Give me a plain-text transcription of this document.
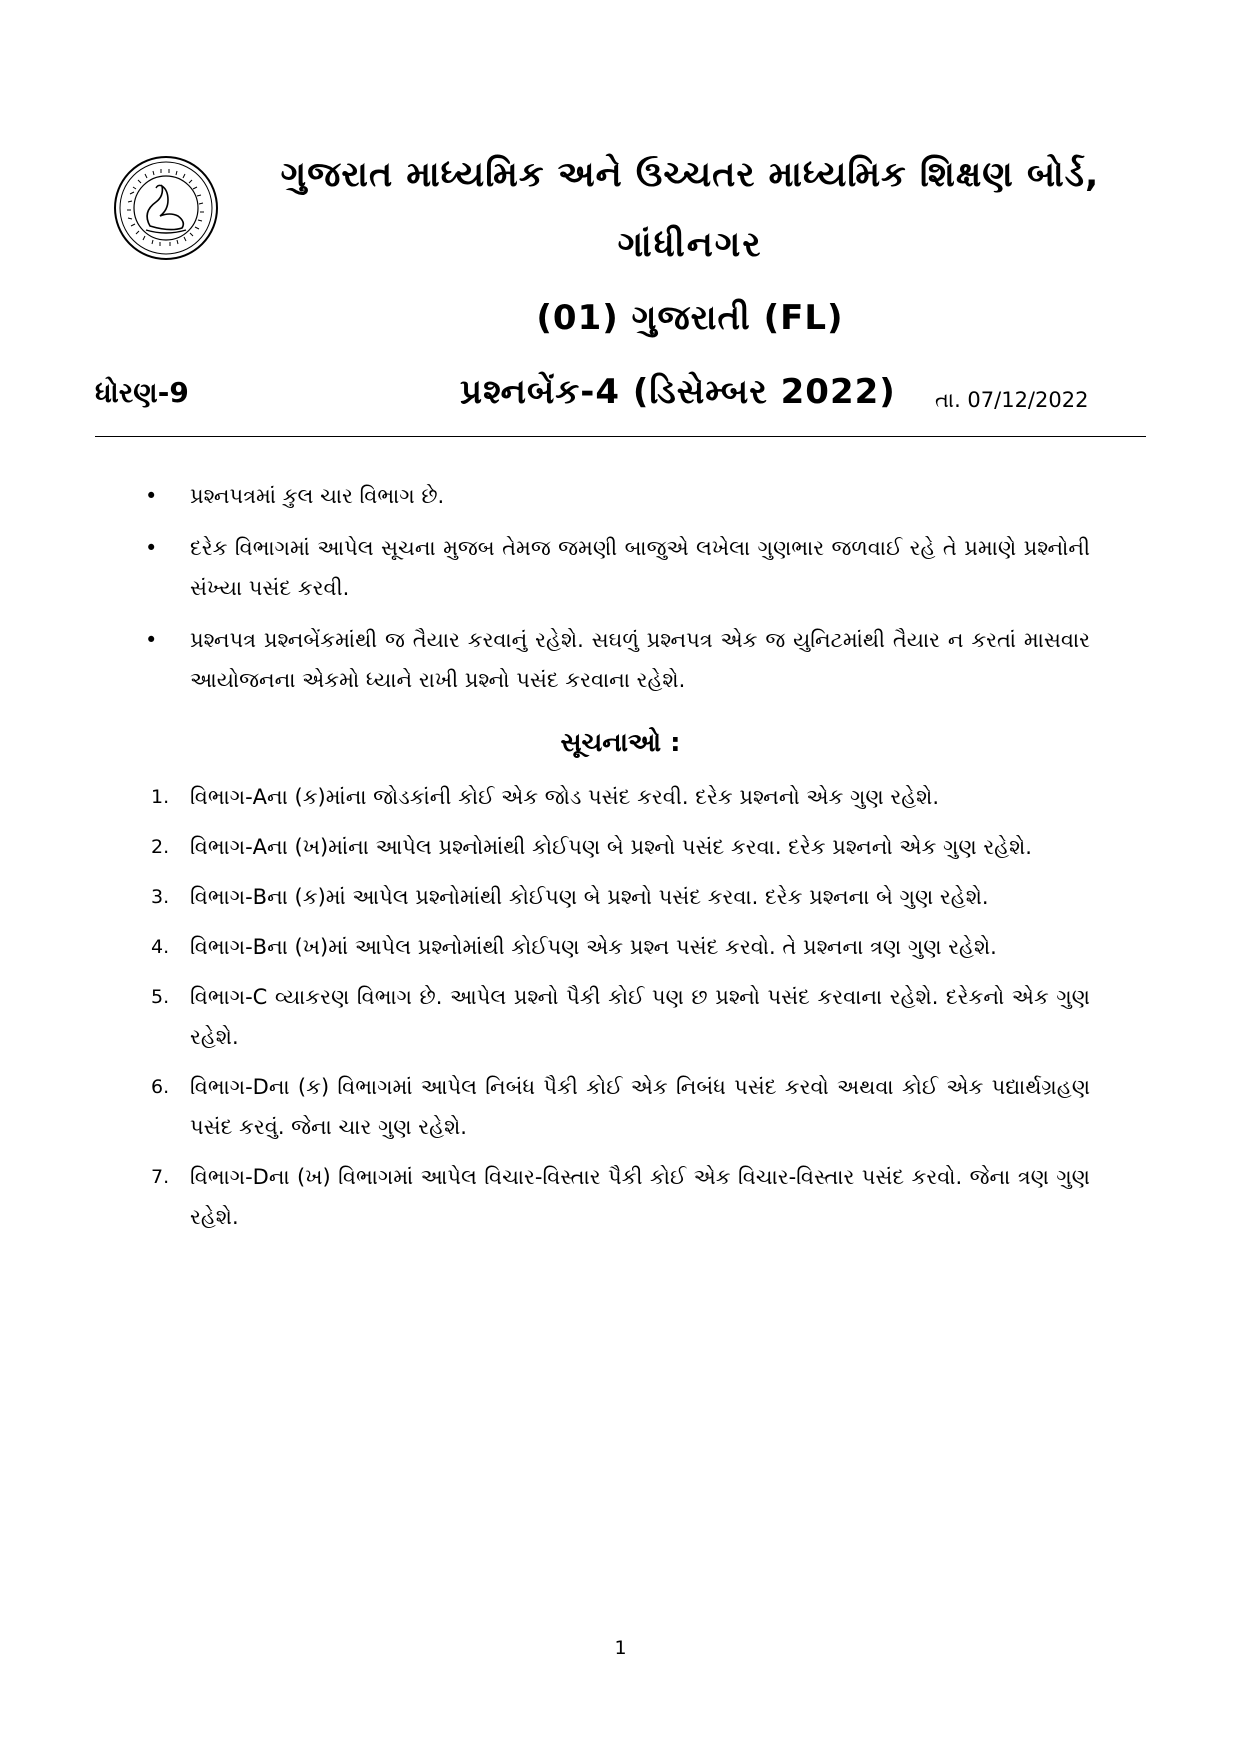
ગુજરાત માધ્યમિક અને ઉચ્ચતર માધ્યમિક શિક્ષણ બોર્ડ,
ગાંધીનગર
(01) ગુજરાતી (FL)
ધોરણ-9	પ્રશ્નબેંક-4 (ડિસેમ્બર 2022) તા. 07/12/2022
• પ્રશ્નપત્રમાં કુલ ચાર વિભાગ છે.
• દરેક વિભાગમાં આપેલ સૂચના મુજબ તેમજ જમણી બાજુએ લખેલા ગુણભાર જળવાઈ રહે તે પ્રમાણે પ્રશ્નોની સંખ્યા પસંદ કરવી.
• પ્રશ્નપત્ર પ્રશ્નબેંકમાંથી જ તૈયાર કરવાનું રહેશે. સઘળું પ્રશ્નપત્ર એક જ યુનિટમાંથી તૈયાર ન કરતાં માસવાર આયોજનના એકમો ધ્યાને રાખી પ્રશ્નો પસંદ કરવાના રહેશે.
સૂચનાઓ :
1. વિભાગ-Aના (ક)માંના જોડકાંની કોઈ એક જોડ પસંદ કરવી. દરેક પ્રશ્નનો એક ગુણ રહેશે.
2. વિભાગ-Aના (ખ)માંના આપેલ પ્રશ્નોમાંથી કોઈપણ બે પ્રશ્નો પસંદ કરવા. દરેક પ્રશ્નનો એક ગુણ રહેશે.
3. વિભાગ-Bના (ક)માં આપેલ પ્રશ્નોમાંથી કોઈપણ બે પ્રશ્નો પસંદ કરવા. દરેક પ્રશ્નના બે ગુણ રહેશે.
4. વિભાગ-Bના (ખ)માં આપેલ પ્રશ્નોમાંથી કોઈપણ એક પ્રશ્ન પસંદ કરવો. તે પ્રશ્નના ત્રણ ગુણ રહેશે.
5. વિભાગ-C વ્યાકરણ વિભાગ છે. આપેલ પ્રશ્નો પૈકી કોઈ પણ છ પ્રશ્નો પસંદ કરવાના રહેશે. દરેકનો એક ગુણ રહેશે.
6. વિભાગ-Dના (ક) વિભાગમાં આપેલ નિબંધ પૈકી કોઈ એક નિબંધ પસંદ કરવો અથવા કોઈ એક પદ્યાર્થગ્રહણ પસંદ કરવું. જેના ચાર ગુણ રહેશે.
7. વિભાગ-Dના (ખ) વિભાગમાં આપેલ વિચાર-વિસ્તાર પૈકી કોઈ એક વિચાર-વિસ્તાર પસંદ કરવો. જેના ત્રણ ગુણ રહેશે.
1
